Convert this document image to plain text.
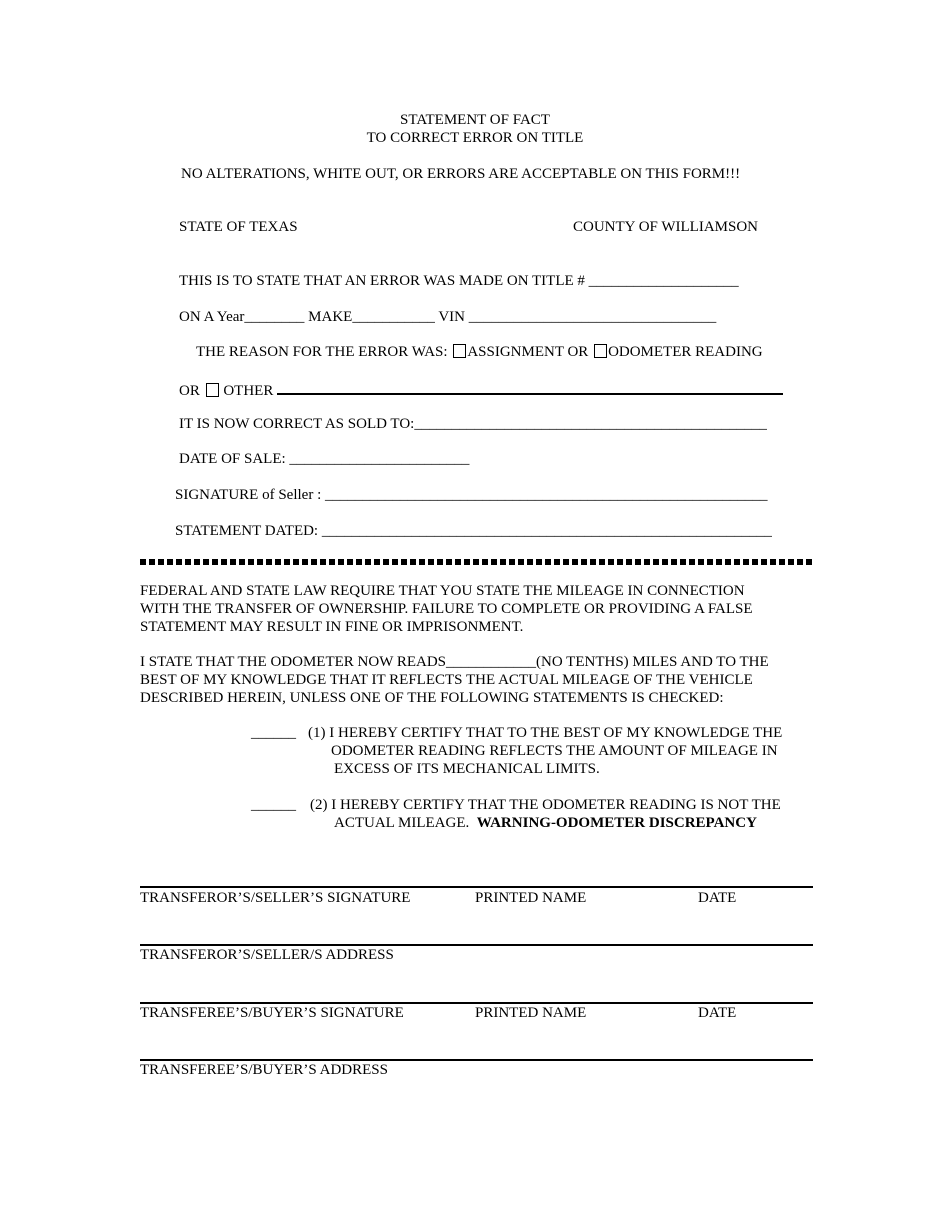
STATEMENT OF FACT
TO CORRECT ERROR ON TITLE
NO ALTERATIONS, WHITE OUT, OR ERRORS ARE ACCEPTABLE ON THIS FORM!!!
STATE OF TEXAS	COUNTY OF WILLIAMSON
THIS IS TO STATE THAT AN ERROR WAS MADE ON TITLE # ____________________
ON A Year________ MAKE___________ VIN _________________________________
THE REASON FOR THE ERROR WAS: ASSIGNMENT OR ODOMETER READING
OR OTHER
IT IS NOW CORRECT AS SOLD TO:_______________________________________________
DATE OF SALE: ________________________
SIGNATURE of Seller : ___________________________________________________________
STATEMENT DATED: ____________________________________________________________
FEDERAL AND STATE LAW REQUIRE THAT YOU STATE THE MILEAGE IN CONNECTION
WITH THE TRANSFER OF OWNERSHIP. FAILURE TO COMPLETE OR PROVIDING A FALSE
STATEMENT MAY RESULT IN FINE OR IMPRISONMENT.
I STATE THAT THE ODOMETER NOW READS____________(NO TENTHS) MILES AND TO THE
BEST OF MY KNOWLEDGE THAT IT REFLECTS THE ACTUAL MILEAGE OF THE VEHICLE
DESCRIBED HEREIN, UNLESS ONE OF THE FOLLOWING STATEMENTS IS CHECKED:
______ (1) I HEREBY CERTIFY THAT TO THE BEST OF MY KNOWLEDGE THE
ODOMETER READING REFLECTS THE AMOUNT OF MILEAGE IN
EXCESS OF ITS MECHANICAL LIMITS.
______ (2) I HEREBY CERTIFY THAT THE ODOMETER READING IS NOT THE
ACTUAL MILEAGE.  WARNING-ODOMETER DISCREPANCY
TRANSFEROR’S/SELLER’S SIGNATURE	PRINTED NAME	DATE
TRANSFEROR’S/SELLER/S ADDRESS
TRANSFEREE’S/BUYER’S SIGNATURE	PRINTED NAME	DATE
TRANSFEREE’S/BUYER’S ADDRESS
